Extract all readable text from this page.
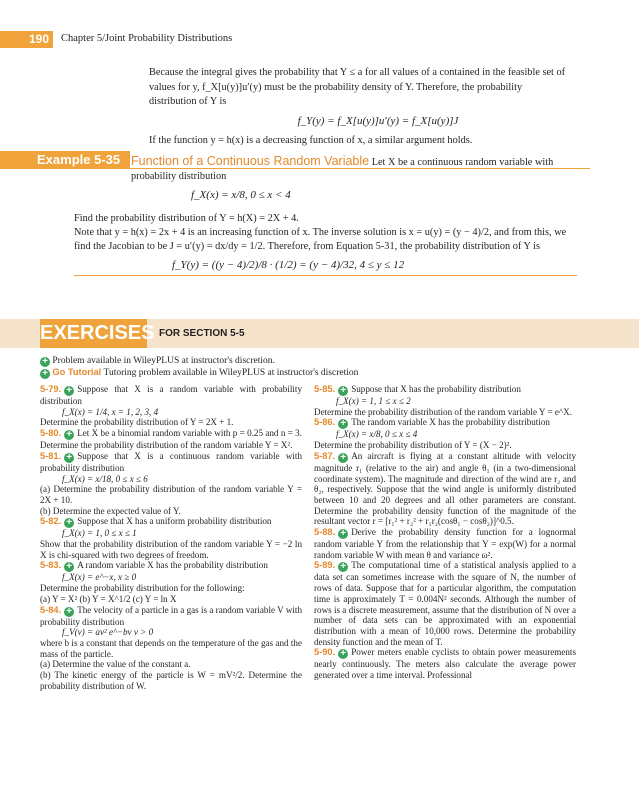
190	Chapter 5/Joint Probability Distributions
Because the integral gives the probability that Y ≤ a for all values of a contained in the feasible set of values for y, f_X[u(y)]u′(y) must be the probability density of Y. Therefore, the probability distribution of Y is
f_Y(y) = f_X[u(y)]u′(y) = f_X[u(y)]J
If the function y = h(x) is a decreasing function of x, a similar argument holds.
Example 5-35 Function of a Continuous Random Variable Let X be a continuous random variable with probability distribution
f_X(x) = x/8, 0 ≤ x < 4
Find the probability distribution of Y = h(X) = 2X + 4.
Note that y = h(x) = 2x + 4 is an increasing function of x. The inverse solution is x = u(y) = (y − 4)/2, and from this, we find the Jacobian to be J = u′(y) = dx/dy = 1/2. Therefore, from Equation 5-31, the probability distribution of Y is
f_Y(y) = ((y − 4)/2)/8 · (1/2) = (y − 4)/32, 4 ≤ y ≤ 12
EXERCISES FOR SECTION 5-5
+ Problem available in WileyPLUS at instructor's discretion.
+ Go Tutorial Tutoring problem available in WileyPLUS at instructor's discretion

5-79. + Suppose that X is a random variable with probability distribution

f_X(x) = 1/4, x = 1, 2, 3, 4

Determine the probability distribution of Y = 2X + 1.

5-80. + Let X be a binomial random variable with p = 0.25 and n = 3. Determine the probability distribution of the random variable Y = X².

5-81. + Suppose that X is a continuous random variable with probability distribution

f_X(x) = x/18, 0 ≤ x ≤ 6

(a) Determine the probability distribution of the random variable Y = 2X + 10.

(b) Determine the expected value of Y.

5-82. + Suppose that X has a uniform probability distribution

f_X(x) = 1, 0 ≤ x ≤ 1

Show that the probability distribution of the random variable Y = −2 ln X is chi-squared with two degrees of freedom.

5-83. + A random variable X has the probability distribution

f_X(x) = e^−x, x ≥ 0

Determine the probability distribution for the following:

(a) Y = X² (b) Y = X^1/2 (c) Y = ln X

5-84. + The velocity of a particle in a gas is a random variable V with probability distribution

f_V(v) = av² e^−bv v > 0

where b is a constant that depends on the temperature of the gas and the mass of the particle.

(a) Determine the value of the constant a.

(b) The kinetic energy of the particle is W = mV²/2. Determine the probability distribution of W.

5-85. + Suppose that X has the probability distribution

f_X(x) = 1, 1 ≤ x ≤ 2

Determine the probability distribution of the random variable Y = e^X.

5-86. + The random variable X has the probability distribution

f_X(x) = x/8, 0 ≤ x ≤ 4

Determine the probability distribution of Y = (X − 2)².

5-87. + An aircraft is flying at a constant altitude with velocity magnitude r₁ (relative to the air) and angle θ₁ (in a two-dimensional coordinate system). The magnitude and direction of the wind are r₂ and θ₂, respectively. Suppose that the wind angle is uniformly distributed between 10 and 20 degrees and all other parameters are constant. Determine the probability density function of the magnitude of the resultant vector r = [r₁² + r₂² + r₁r₂(cosθ₁ − cosθ₂)]^0.5.

5-88. + Derive the probability density function for a lognormal random variable Y from the relationship that Y = exp(W) for a normal random variable W with mean θ and variance ω².

5-89. + The computational time of a statistical analysis applied to a data set can sometimes increase with the square of N, the number of rows of data. Suppose that for a particular algorithm, the computation time is approximately T = 0.004N² seconds. Although the number of rows is a discrete measurement, assume that the distribution of N over a number of data sets can be approximated with an exponential distribution with a mean of 10,000 rows. Determine the probability density function and the mean of T.

5-90. + Power meters enable cyclists to obtain power measurements nearly continuously. The meters also calculate the average power generated over a time interval. Professional
